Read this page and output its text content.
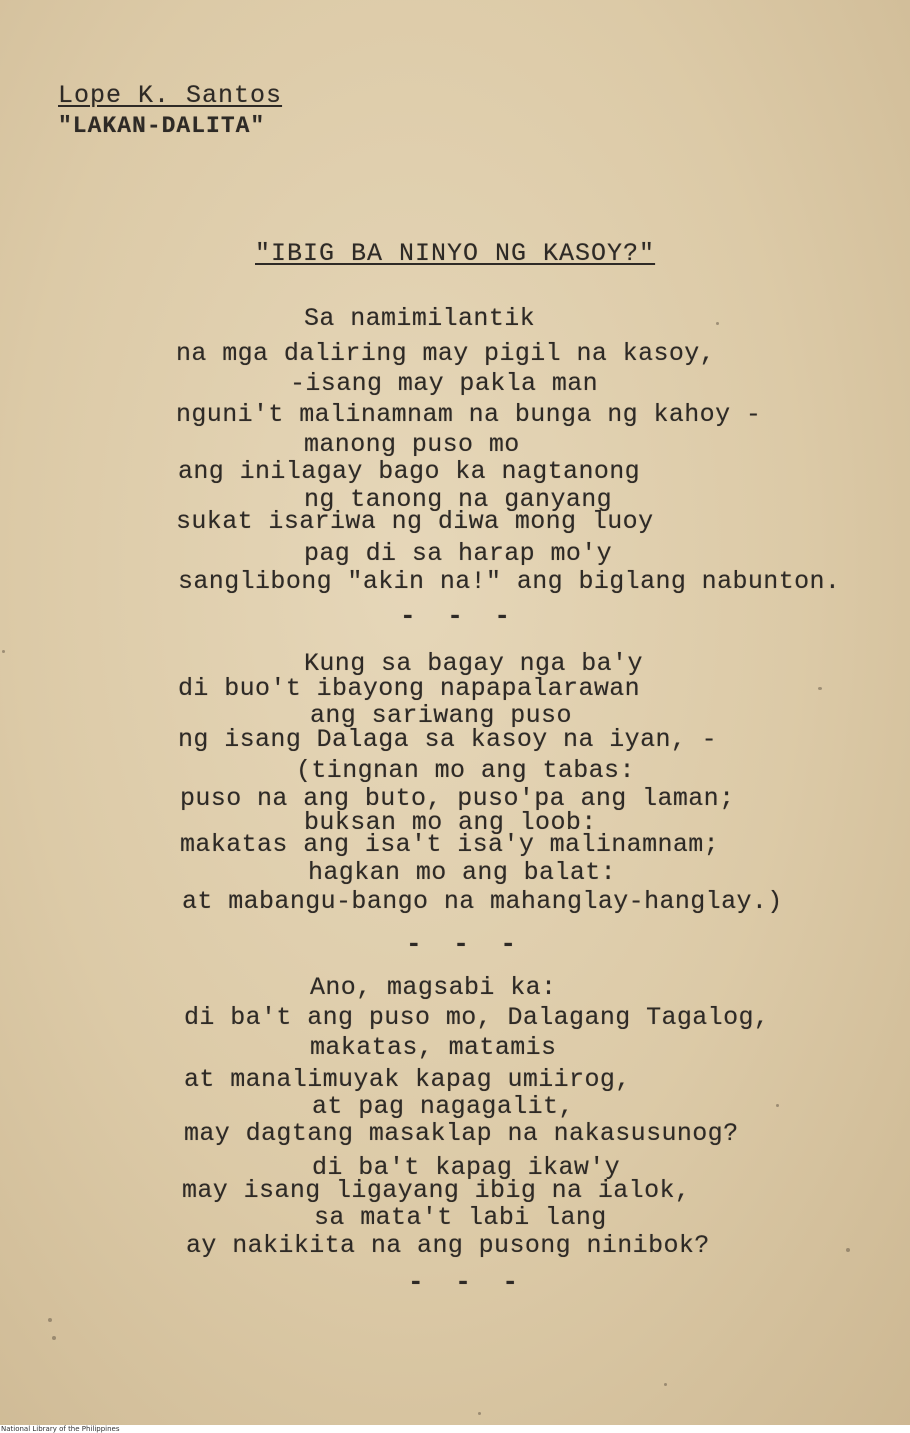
Lope K. Santos
"LAKAN-DALITA"
"IBIG BA NINYO NG KASOY?"
Sa namimilantik
na mga daliring may pigil na kasoy,
-isang may pakla man
nguni't malinamnam na bunga ng kahoy -
manong puso mo
ang inilagay bago ka nagtanong
ng tanong na ganyang
sukat isariwa ng diwa mong luoy
pag di sa harap mo'y
sanglibong "akin na!" ang biglang nabunton.
- - -
Kung sa bagay nga ba'y
di buo't ibayong napapalarawan
ang sariwang puso
ng isang Dalaga sa kasoy na iyan, -
(tingnan mo ang tabas:
puso na ang buto, puso'pa ang laman;
buksan mo ang loob:
makatas ang isa't isa'y malinamnam;
hagkan mo ang balat:
at mabangu-bango na mahanglay-hanglay.)
- - -
Ano, magsabi ka:
di ba't ang puso mo, Dalagang Tagalog,
makatas, matamis
at manalimuyak kapag umiirog,
at pag nagagalit,
may dagtang masaklap na nakasusunog?
di ba't kapag ikaw'y
may isang ligayang ibig na ialok,
sa mata't labi lang
ay nakikita na ang pusong ninibok?
- - -
National Library of the Philippines
